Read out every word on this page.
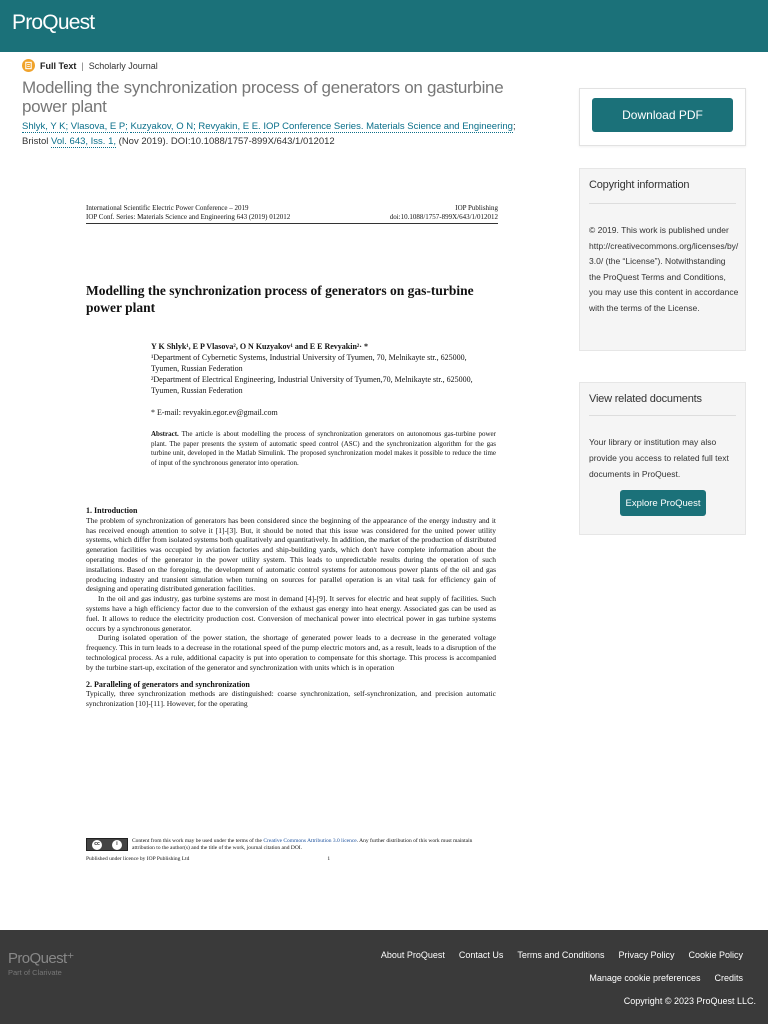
ProQuest
Full Text | Scholarly Journal
Modelling the synchronization process of generators on gasturbine power plant
Shlyk, Y K; Vlasova, E P; Kuzyakov, O N; Revyakin, E E. IOP Conference Series. Materials Science and Engineering; Bristol Vol. 643, Iss. 1, (Nov 2019). DOI:10.1088/1757-899X/643/1/012012
International Scientific Electric Power Conference – 2019	IOP Publishing
IOP Conf. Series: Materials Science and Engineering 643 (2019) 012012	doi:10.1088/1757-899X/643/1/012012
Modelling the synchronization process of generators on gas-turbine power plant
Y K Shlyk¹, E P Vlasova², O N Kuzyakov¹ and E E Revyakin²· *
¹Department of Cybernetic Systems, Industrial University of Tyumen, 70, Melnikayte str., 625000, Tyumen, Russian Federation
²Department of Electrical Engineering, Industrial University of Tyumen,70, Melnikayte str., 625000, Tyumen, Russian Federation
* E-mail: revyakin.egor.ev@gmail.com
Abstract. The article is about modelling the process of synchronization generators on autonomous gas-turbine power plant. The paper presents the system of automatic speed control (ASC) and the synchronization algorithm for the gas turbine unit, developed in the Matlab Simulink. The proposed synchronization model makes it possible to reduce the time of input of the synchronous generator into operation.
1. Introduction

The problem of synchronization of generators has been considered since the beginning of the appearance of the energy industry and it has received enough attention to solve it [1]-[3]. But, it should be noted that this issue was considered for the united power utility systems, which differ from isolated systems both qualitatively and quantitatively. In addition, the market of the production of distributed generation facilities was occupied by aviation factories and ship-building yards, which don't have complete information about the operating modes of the generator in the power utility system. This leads to unpredictable results during the operation of such installations. Based on the foregoing, the development of automatic control systems for autonomous power plants of the oil and gas producing industry and transient simulation when turning on sources for parallel operation is an vital task for efficiency gain of designing and operating distributed generation facilities.

In the oil and gas industry, gas turbine systems are most in demand [4]-[9]. It serves for electric and heat supply of facilities. Such systems have a high efficiency factor due to the conversion of the exhaust gas energy into heat energy. Associated gas can be used as fuel. It allows to reduce the electricity production cost. Conversion of mechanical power into electrical power in gas turbine systems occurs by a synchronous generator.

During isolated operation of the power station, the shortage of generated power leads to a decrease in the generated voltage frequency. This in turn leads to a decrease in the rotational speed of the pump electric motors and, as a result, leads to a disruption of the technological process. As a rule, additional capacity is put into operation to compensate for this shortage. This process is accompanied by the turbine start-up, excitation of the generator and synchronization with units which is in operation

2. Paralleling of generators and synchronization

Typically, three synchronization methods are distinguished: coarse synchronization, self-synchronization, and precision automatic synchronization [10]-[11]. However, for the operating

cc	i	Content from this work may be used under the terms of the Creative Commons Attribution 3.0 licence. Any further distribution of this work must maintain attribution to the author(s) and the title of the work, journal citation and DOI.
Published under licence by IOP Publishing Ltd	1
Download PDF
Copyright information
© 2019. This work is published under http://creativecommons.org/licenses/by/3.0/ (the “License”). Notwithstanding the ProQuest Terms and Conditions, you may use this content in accordance with the terms of the License.
View related documents
Your library or institution may also provide you access to related full text documents in ProQuest.
Explore ProQuest
ProQuest⁺
Part of Clarivate
About ProQuest Contact Us Terms and Conditions Privacy Policy Cookie Policy
Manage cookie preferences Credits
Copyright © 2023 ProQuest LLC.
